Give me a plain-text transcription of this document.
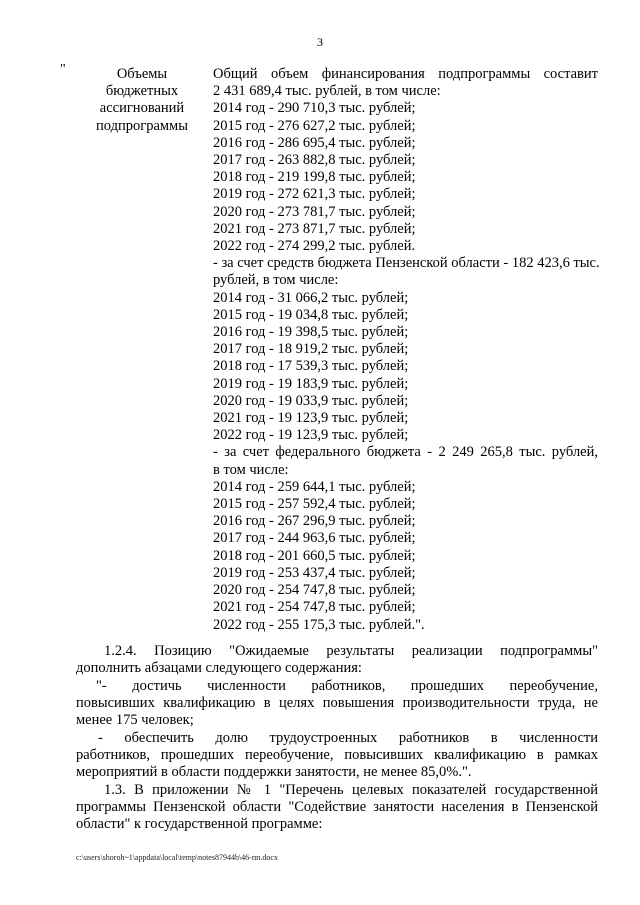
3
"	Объемы
бюджетных
ассигнований
подпрограммы
Общий объем финансирования подпрограммы составит
2 431 689,4 тыс. рублей, в том числе:
2014 год - 290 710,3 тыс. рублей;
2015 год - 276 627,2 тыс. рублей;
2016 год - 286 695,4 тыс. рублей;
2017 год - 263 882,8 тыс. рублей;
2018 год - 219 199,8 тыс. рублей;
2019 год - 272 621,3 тыс. рублей;
2020 год - 273 781,7 тыс. рублей;
2021 год - 273 871,7 тыс. рублей;
2022 год - 274 299,2 тыс. рублей.
- за счет средств бюджета Пензенской области - 182 423,6 тыс.
рублей, в том числе:
2014 год - 31 066,2 тыс. рублей;
2015 год - 19 034,8 тыс. рублей;
2016 год - 19 398,5 тыс. рублей;
2017 год - 18 919,2 тыс. рублей;
2018 год - 17 539,3 тыс. рублей;
2019 год - 19 183,9 тыс. рублей;
2020 год - 19 033,9 тыс. рублей;
2021 год - 19 123,9 тыс. рублей;
2022 год - 19 123,9 тыс. рублей;
- за счет федерального бюджета - 2 249 265,8 тыс. рублей,
в том числе:
2014 год - 259 644,1 тыс. рублей;
2015 год - 257 592,4 тыс. рублей;
2016 год - 267 296,9 тыс. рублей;
2017 год - 244 963,6 тыс. рублей;
2018 год - 201 660,5 тыс. рублей;
2019 год - 253 437,4 тыс. рублей;
2020 год - 254 747,8 тыс. рублей;
2021 год - 254 747,8 тыс. рублей;
2022 год - 255 175,3 тыс. рублей.".
1.2.4. Позицию "Ожидаемые результаты реализации подпрограммы"
дополнить абзацами следующего содержания:
"- достичь численности работников, прошедших переобучение,
повысивших квалификацию в целях повышения производительности труда, не
менее 175 человек;
- обеспечить долю трудоустроенных работников в численности
работников, прошедших переобучение, повысивших квалификацию в рамках
мероприятий в области поддержки занятости, не менее 85,0%.".
1.3. В приложении № 1 "Перечень целевых показателей государственной
программы Пензенской области "Содействие занятости населения в Пензенской
области" к государственной программе:
c:\users\shoroh~1\appdata\local\temp\notes87944b\46-пп.docx
